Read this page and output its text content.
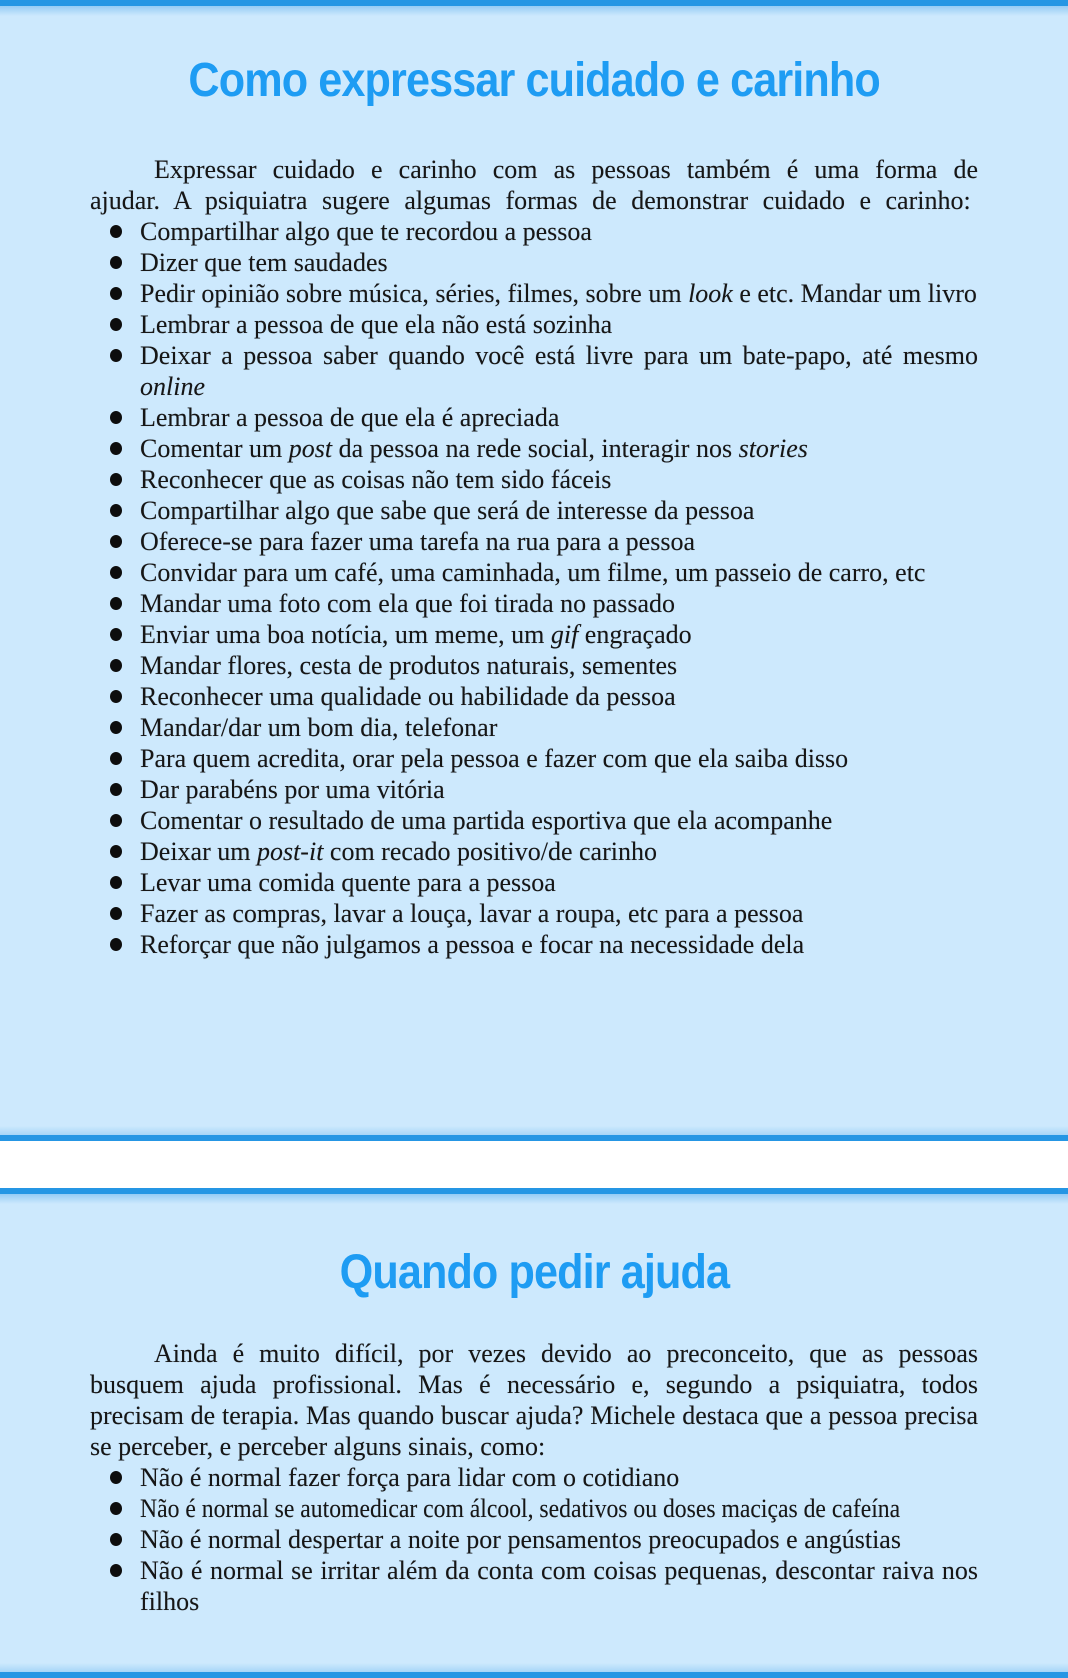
Como expressar cuidado e carinho

Expressar cuidado e carinho com as pessoas também é uma forma de ajudar. A psiquiatra sugere algumas formas de demonstrar cuidado e carinho:

Compartilhar algo que te recordou a pessoa
Dizer que tem saudades
Pedir opinião sobre música, séries, filmes, sobre um look e etc. Mandar um livro
Lembrar a pessoa de que ela não está sozinha
Deixar a pessoa saber quando você está livre para um bate-papo, até mesmo online
Lembrar a pessoa de que ela é apreciada
Comentar um post da pessoa na rede social, interagir nos stories
Reconhecer que as coisas não tem sido fáceis
Compartilhar algo que sabe que será de interesse da pessoa
Oferece-se para fazer uma tarefa na rua para a pessoa
Convidar para um café, uma caminhada, um filme, um passeio de carro, etc
Mandar uma foto com ela que foi tirada no passado
Enviar uma boa notícia, um meme, um gif engraçado
Mandar flores, cesta de produtos naturais, sementes
Reconhecer uma qualidade ou habilidade da pessoa
Mandar/dar um bom dia, telefonar
Para quem acredita, orar pela pessoa e fazer com que ela saiba disso
Dar parabéns por uma vitória
Comentar o resultado de uma partida esportiva que ela acompanhe
Deixar um post-it com recado positivo/de carinho
Levar uma comida quente para a pessoa
Fazer as compras, lavar a louça, lavar a roupa, etc para a pessoa
Reforçar que não julgamos a pessoa e focar na necessidade dela
Quando pedir ajuda

Ainda é muito difícil, por vezes devido ao preconceito, que as pessoas busquem ajuda profissional. Mas é necessário e, segundo a psiquiatra, todos precisam de terapia. Mas quando buscar ajuda? Michele destaca que a pessoa precisa se perceber, e perceber alguns sinais, como:

Não é normal fazer força para lidar com o cotidiano
Não é normal se automedicar com álcool, sedativos ou doses maciças de cafeína
Não é normal despertar a noite por pensamentos preocupados e angústias
Não é normal se irritar além da conta com coisas pequenas, descontar raiva nos filhos
